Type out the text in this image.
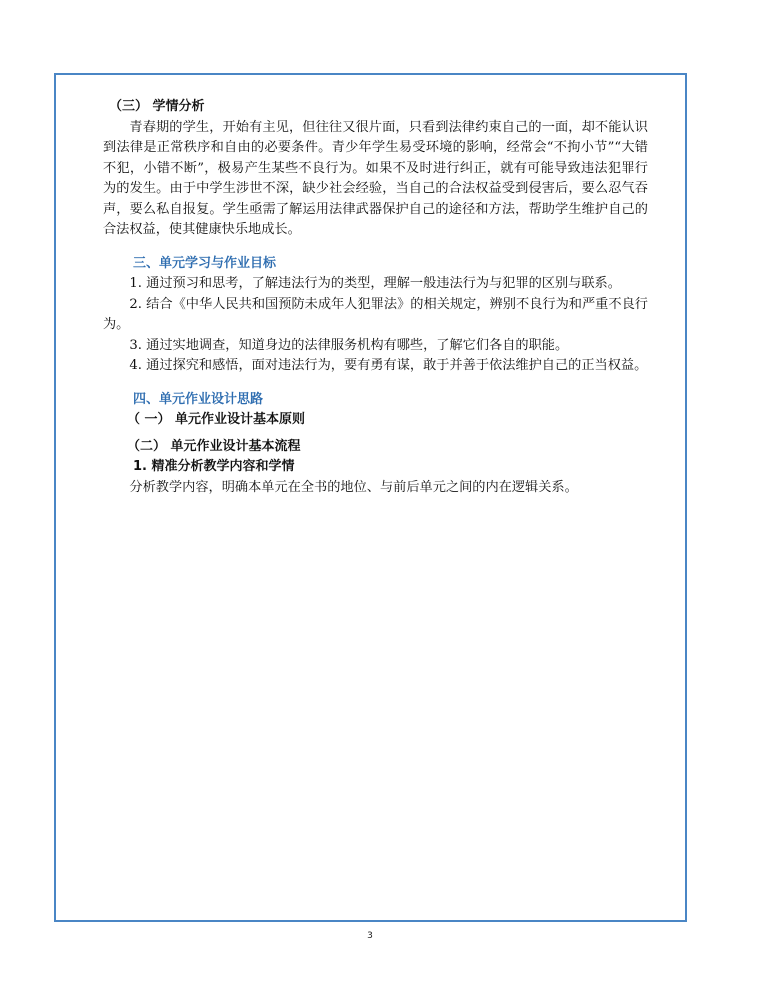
（三） 学情分析

青春期的学生，开始有主见，但往往又很片面，只看到法律约束自己的一面，却不能认识到法律是正常秩序和自由的必要条件。青少年学生易受环境的影响，经常会“不拘小节”“大错不犯，小错不断”，极易产生某些不良行为。如果不及时进行纠正，就有可能导致违法犯罪行为的发生。由于中学生涉世不深，缺少社会经验，当自己的合法权益受到侵害后，要么忍气吞声，要么私自报复。学生亟需了解运用法律武器保护自己的途径和方法，帮助学生维护自己的合法权益，使其健康快乐地成长。

三、单元学习与作业目标

1. 通过预习和思考，了解违法行为的类型，理解一般违法行为与犯罪的区别与联系。

2. 结合《中华人民共和国预防未成年人犯罪法》的相关规定，辨别不良行为和严重不良行为。

3. 通过实地调查，知道身边的法律服务机构有哪些，了解它们各自的职能。

4. 通过探究和感悟，面对违法行为，要有勇有谋，敢于并善于依法维护自己的正当权益。

四、单元作业设计思路

（ 一） 单元作业设计基本原则

（二） 单元作业设计基本流程

1. 精准分析教学内容和学情

分析教学内容，明确本单元在全书的地位、与前后单元之间的内在逻辑关系。

3
